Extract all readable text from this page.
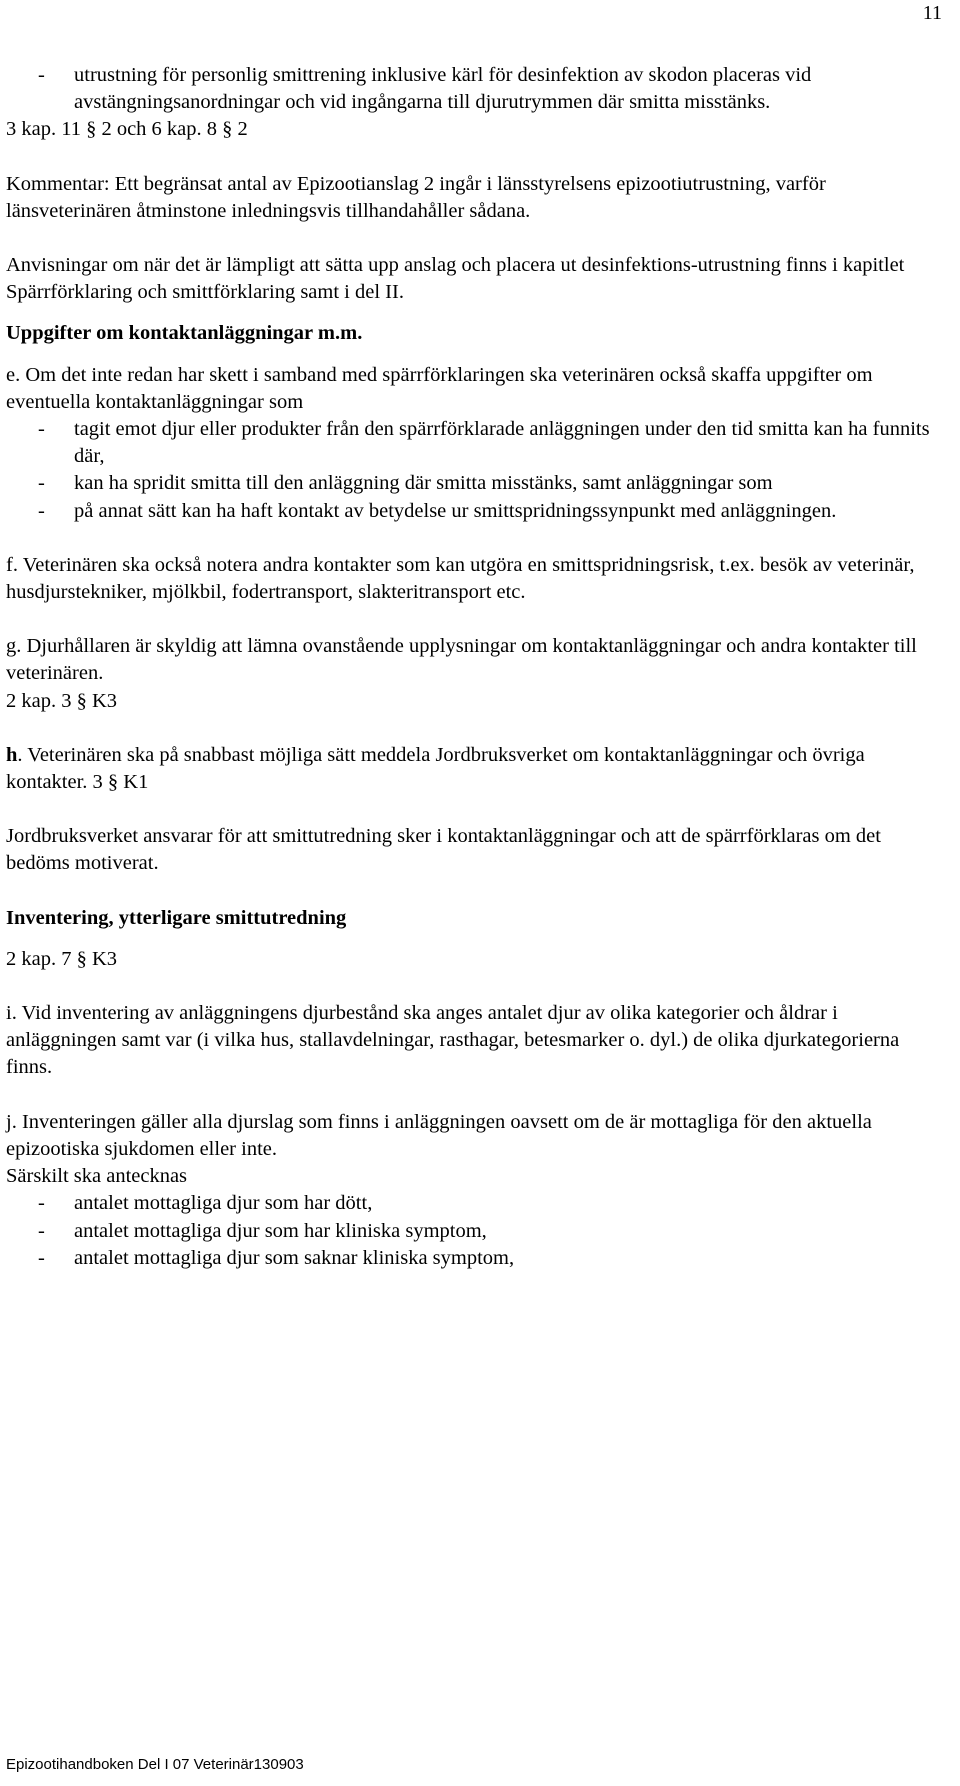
11
- utrustning för personlig smittrening inklusive kärl för desinfektion av skodon placeras vid avstängningsanordningar och vid ingångarna till djurutrymmen där smitta misstänks.

3 kap. 11 § 2 och 6 kap. 8 § 2

Kommentar: Ett begränsat antal av Epizootianslag 2 ingår i länsstyrelsens epizootiutrustning, varför länsveterinären åtminstone inledningsvis tillhandahåller sådana.

Anvisningar om när det är lämpligt att sätta upp anslag och placera ut desinfektions-utrustning finns i kapitlet Spärrförklaring och smittförklaring samt i del II.

Uppgifter om kontaktanläggningar m.m.

e. Om det inte redan har skett i samband med spärrförklaringen ska veterinären också skaffa uppgifter om eventuella kontaktanläggningar som

- tagit emot djur eller produkter från den spärrförklarade anläggningen under den tid smitta kan ha funnits där,
- kan ha spridit smitta till den anläggning där smitta misstänks, samt anläggningar som
- på annat sätt kan ha haft kontakt av betydelse ur smittspridningssynpunkt med anläggningen.

f. Veterinären ska också notera andra kontakter som kan utgöra en smittspridningsrisk, t.ex. besök av veterinär, husdjurstekniker, mjölkbil, fodertransport, slakteritransport etc.

g. Djurhållaren är skyldig att lämna ovanstående upplysningar om kontaktanläggningar och andra kontakter till veterinären.

2 kap. 3 § K3

h. Veterinären ska på snabbast möjliga sätt meddela Jordbruksverket om kontaktanläggningar och övriga kontakter. 3 § K1

Jordbruksverket ansvarar för att smittutredning sker i kontaktanläggningar och att de spärrförklaras om det bedöms motiverat.

Inventering, ytterligare smittutredning

2 kap. 7 § K3

i. Vid inventering av anläggningens djurbestånd ska anges antalet djur av olika kategorier och åldrar i anläggningen samt var (i vilka hus, stallavdelningar, rasthagar, betesmarker o. dyl.) de olika djurkategorierna finns.

j. Inventeringen gäller alla djurslag som finns i anläggningen oavsett om de är mottagliga för den aktuella epizootiska sjukdomen eller inte.

Särskilt ska antecknas

- antalet mottagliga djur som har dött,
- antalet mottagliga djur som har kliniska symptom,
- antalet mottagliga djur som saknar kliniska symptom,
Epizootihandboken Del I 07 Veterinär130903
